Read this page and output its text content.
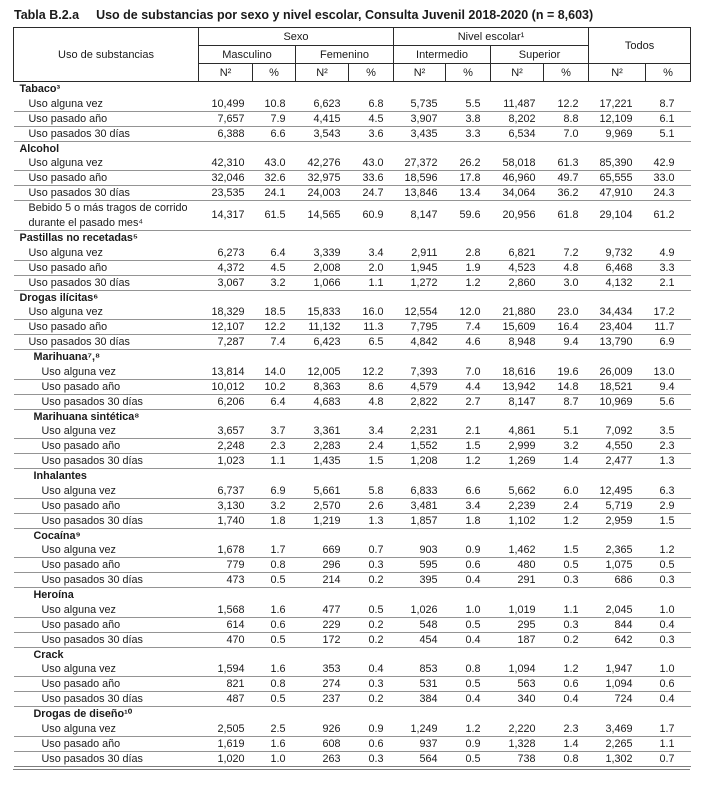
Tabla B.2.a Uso de substancias por sexo y nivel escolar, Consulta Juvenil 2018-2020 (n = 8,603)
Uso de substancias	Sexo				Nivel escolar¹				Todos	
	Masculino		Femenino		Intermedio		Superior			
	N²	%	N²	%	N²	%	N²	%	N²	%
Tabaco³										
Uso alguna vez	10,499	10.8	6,623	6.8	5,735	5.5	11,487	12.2	17,221	8.7
Uso pasado año	7,657	7.9	4,415	4.5	3,907	3.8	8,202	8.8	12,109	6.1
Uso pasados 30 días	6,388	6.6	3,543	3.6	3,435	3.3	6,534	7.0	9,969	5.1
Alcohol										
Uso alguna vez	42,310	43.0	42,276	43.0	27,372	26.2	58,018	61.3	85,390	42.9
Uso pasado año	32,046	32.6	32,975	33.6	18,596	17.8	46,960	49.7	65,555	33.0
Uso pasados 30 días	23,535	24.1	24,003	24.7	13,846	13.4	34,064	36.2	47,910	24.3
Bebido 5 o más tragos de corrido durante el pasado mes⁴	14,317	61.5	14,565	60.9	8,147	59.6	20,956	61.8	29,104	61.2
Pastillas no recetadas⁵										
Uso alguna vez	6,273	6.4	3,339	3.4	2,911	2.8	6,821	7.2	9,732	4.9
Uso pasado año	4,372	4.5	2,008	2.0	1,945	1.9	4,523	4.8	6,468	3.3
Uso pasados 30 días	3,067	3.2	1,066	1.1	1,272	1.2	2,860	3.0	4,132	2.1
Drogas ilícitas⁶										
Uso alguna vez	18,329	18.5	15,833	16.0	12,554	12.0	21,880	23.0	34,434	17.2
Uso pasado año	12,107	12.2	11,132	11.3	7,795	7.4	15,609	16.4	23,404	11.7
Uso pasados 30 días	7,287	7.4	6,423	6.5	4,842	4.6	8,948	9.4	13,790	6.9
Marihuana⁷,⁸										
Uso alguna vez	13,814	14.0	12,005	12.2	7,393	7.0	18,616	19.6	26,009	13.0
Uso pasado año	10,012	10.2	8,363	8.6	4,579	4.4	13,942	14.8	18,521	9.4
Uso pasados 30 días	6,206	6.4	4,683	4.8	2,822	2.7	8,147	8.7	10,969	5.6
Marihuana sintética⁸										
Uso alguna vez	3,657	3.7	3,361	3.4	2,231	2.1	4,861	5.1	7,092	3.5
Uso pasado año	2,248	2.3	2,283	2.4	1,552	1.5	2,999	3.2	4,550	2.3
Uso pasados 30 días	1,023	1.1	1,435	1.5	1,208	1.2	1,269	1.4	2,477	1.3
Inhalantes										
Uso alguna vez	6,737	6.9	5,661	5.8	6,833	6.6	5,662	6.0	12,495	6.3
Uso pasado año	3,130	3.2	2,570	2.6	3,481	3.4	2,239	2.4	5,719	2.9
Uso pasados 30 días	1,740	1.8	1,219	1.3	1,857	1.8	1,102	1.2	2,959	1.5
Cocaína⁹										
Uso alguna vez	1,678	1.7	669	0.7	903	0.9	1,462	1.5	2,365	1.2
Uso pasado año	779	0.8	296	0.3	595	0.6	480	0.5	1,075	0.5
Uso pasados 30 días	473	0.5	214	0.2	395	0.4	291	0.3	686	0.3
Heroína										
Uso alguna vez	1,568	1.6	477	0.5	1,026	1.0	1,019	1.1	2,045	1.0
Uso pasado año	614	0.6	229	0.2	548	0.5	295	0.3	844	0.4
Uso pasados 30 días	470	0.5	172	0.2	454	0.4	187	0.2	642	0.3
Crack										
Uso alguna vez	1,594	1.6	353	0.4	853	0.8	1,094	1.2	1,947	1.0
Uso pasado año	821	0.8	274	0.3	531	0.5	563	0.6	1,094	0.6
Uso pasados 30 días	487	0.5	237	0.2	384	0.4	340	0.4	724	0.4
Drogas de diseño¹⁰										
Uso alguna vez	2,505	2.5	926	0.9	1,249	1.2	2,220	2.3	3,469	1.7
Uso pasado año	1,619	1.6	608	0.6	937	0.9	1,328	1.4	2,265	1.1
Uso pasados 30 días	1,020	1.0	263	0.3	564	0.5	738	0.8	1,302	0.7
